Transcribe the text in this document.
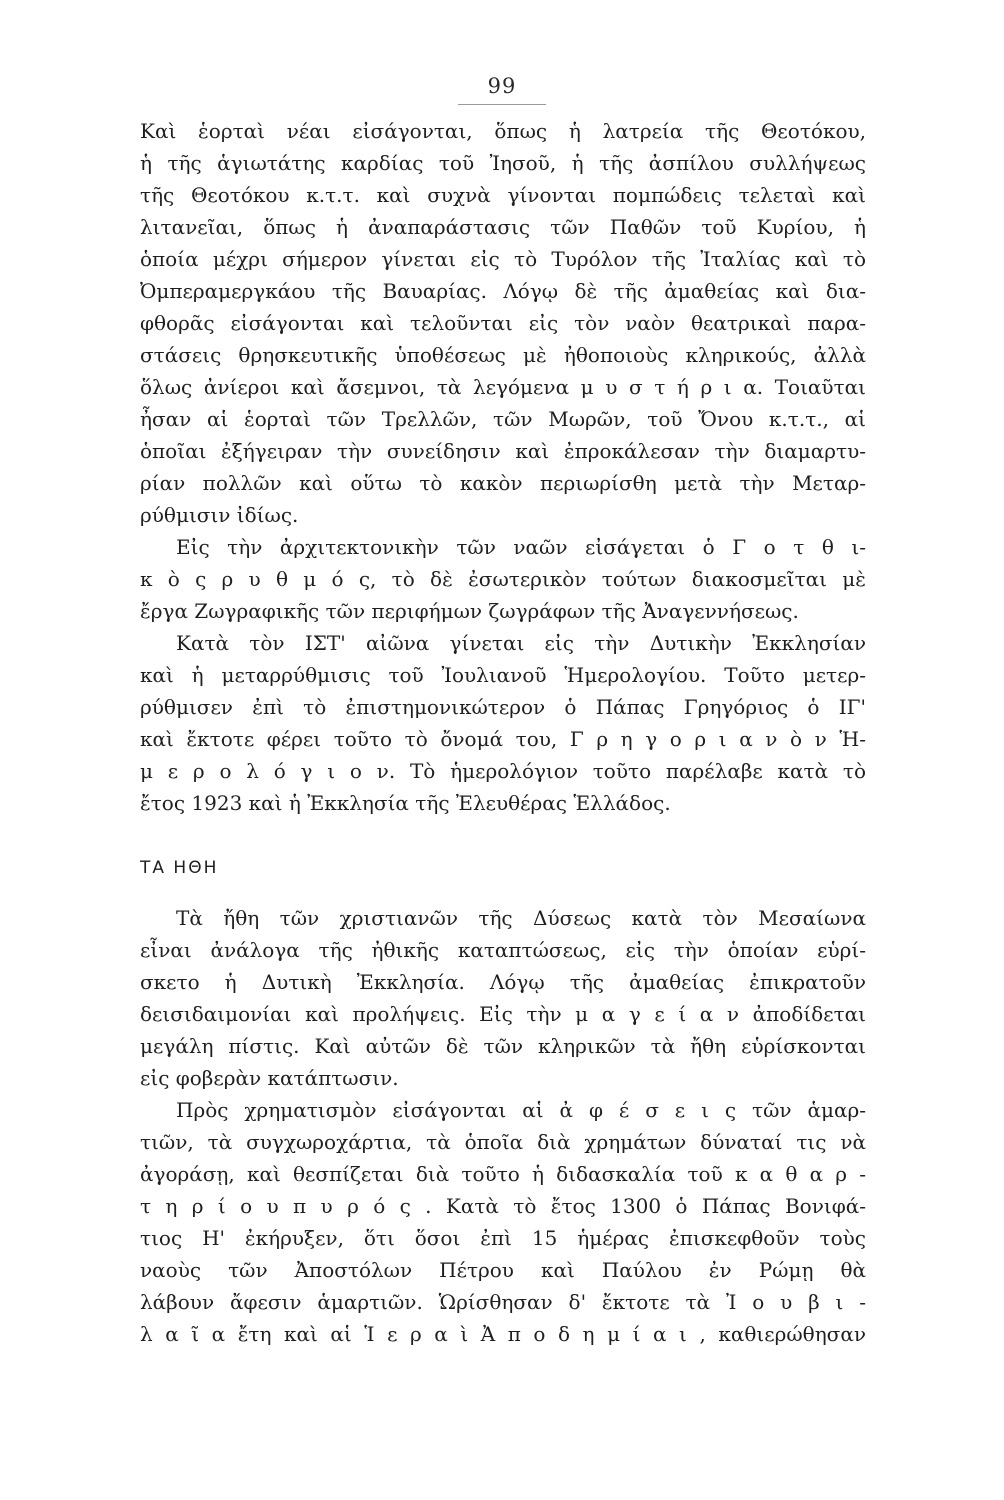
99
Καὶ ἑορταὶ νέαι εἰσάγονται, ὅπως ἡ λατρεία τῆς Θεοτόκου,
ἡ τῆς ἁγιωτάτης καρδίας τοῦ Ἰησοῦ, ἡ τῆς ἀσπίλου συλλήψεως
τῆς Θεοτόκου κ.τ.τ. καὶ συχνὰ γίνονται πομπώδεις τελεταὶ καὶ
λιτανεῖαι, ὅπως ἡ ἀναπαράστασις τῶν Παθῶν τοῦ Κυρίου, ἡ
ὁποία μέχρι σήμερον γίνεται εἰς τὸ Τυρόλον τῆς Ἰταλίας καὶ τὸ
Ὀμπεραμεργκάου τῆς Βαυαρίας. Λόγῳ δὲ τῆς ἀμαθείας καὶ δια-
φθορᾶς εἰσάγονται καὶ τελοῦνται εἰς τὸν ναὸν θεατρικαὶ παρα-
στάσεις θρησκευτικῆς ὑποθέσεως μὲ ἠθοποιοὺς κληρικούς, ἀλλὰ
ὅλως ἀνίεροι καὶ ἄσεμνοι, τὰ λεγόμενα μ υ σ τ ή ρ ι α. Τοιαῦται
ἦσαν αἱ ἑορταὶ τῶν Τρελλῶν, τῶν Μωρῶν, τοῦ Ὄνου κ.τ.τ., αἱ
ὁποῖαι ἐξήγειραν τὴν συνείδησιν καὶ ἐπροκάλεσαν τὴν διαμαρτυ-
ρίαν πολλῶν καὶ οὕτω τὸ κακὸν περιωρίσθη μετὰ τὴν Μεταρ-
ρύθμισιν ἰδίως.
Εἰς τὴν ἀρχιτεκτονικὴν τῶν ναῶν εἰσάγεται ὁ Γ ο τ θ ι-
κ ὸ ς ρ υ θ μ ό ς, τὸ δὲ ἐσωτερικὸν τούτων διακοσμεῖται μὲ
ἔργα Ζωγραφικῆς τῶν περιφήμων ζωγράφων τῆς Ἀναγεννήσεως.
Κατὰ τὸν ΙΣΤ' αἰῶνα γίνεται εἰς τὴν Δυτικὴν Ἐκκλησίαν
καὶ ἡ μεταρρύθμισις τοῦ Ἰουλιανοῦ Ἡμερολογίου. Τοῦτο μετερ-
ρύθμισεν ἐπὶ τὸ ἐπιστημονικώτερον ὁ Πάπας Γρηγόριος ὁ ΙΓ'
καὶ ἔκτοτε φέρει τοῦτο τὸ ὄνομά του, Γ ρ η γ ο ρ ι α ν ὸ ν Ἡ-
μ ε ρ ο λ ό γ ι ο ν. Τὸ ἡμερολόγιον τοῦτο παρέλαβε κατὰ τὸ
ἔτος 1923 καὶ ἡ Ἐκκλησία τῆς Ἐλευθέρας Ἑλλάδος.
ΤΑ ΗΘΗ
Τὰ ἤθη τῶν χριστιανῶν τῆς Δύσεως κατὰ τὸν Μεσαίωνα
εἶναι ἀνάλογα τῆς ἠθικῆς καταπτώσεως, εἰς τὴν ὁποίαν εὑρί-
σκετο ἡ Δυτικὴ Ἐκκλησία. Λόγῳ τῆς ἀμαθείας ἐπικρατοῦν
δεισιδαιμονίαι καὶ προλήψεις. Εἰς τὴν μ α γ ε ί α ν ἀποδίδεται
μεγάλη πίστις. Καὶ αὐτῶν δὲ τῶν κληρικῶν τὰ ἤθη εὑρίσκονται
εἰς φοβερὰν κατάπτωσιν.
Πρὸς χρηματισμὸν εἰσάγονται αἱ ἀ φ έ σ ε ι ς τῶν ἁμαρ-
τιῶν, τὰ συγχωροχάρτια, τὰ ὁποῖα διὰ χρημάτων δύναταί τις νὰ
ἀγοράσῃ, καὶ θεσπίζεται διὰ τοῦτο ἡ διδασκαλία τοῦ κ α θ α ρ -
τ η ρ ί ο υ π υ ρ ό ς . Κατὰ τὸ ἔτος 1300 ὁ Πάπας Βονιφά-
τιος Η' ἐκήρυξεν, ὅτι ὅσοι ἐπὶ 15 ἡμέρας ἐπισκεφθοῦν τοὺς
ναοὺς τῶν Ἀποστόλων Πέτρου καὶ Παύλου ἐν Ρώμῃ θὰ
λάβουν ἄφεσιν ἁμαρτιῶν. Ὡρίσθησαν δ' ἔκτοτε τὰ Ἰ ο υ β ι -
λ α ῖ α ἔτη καὶ αἱ Ἱ ε ρ α ὶ Ἀ π ο δ η μ ί α ι , καθιερώθησαν
